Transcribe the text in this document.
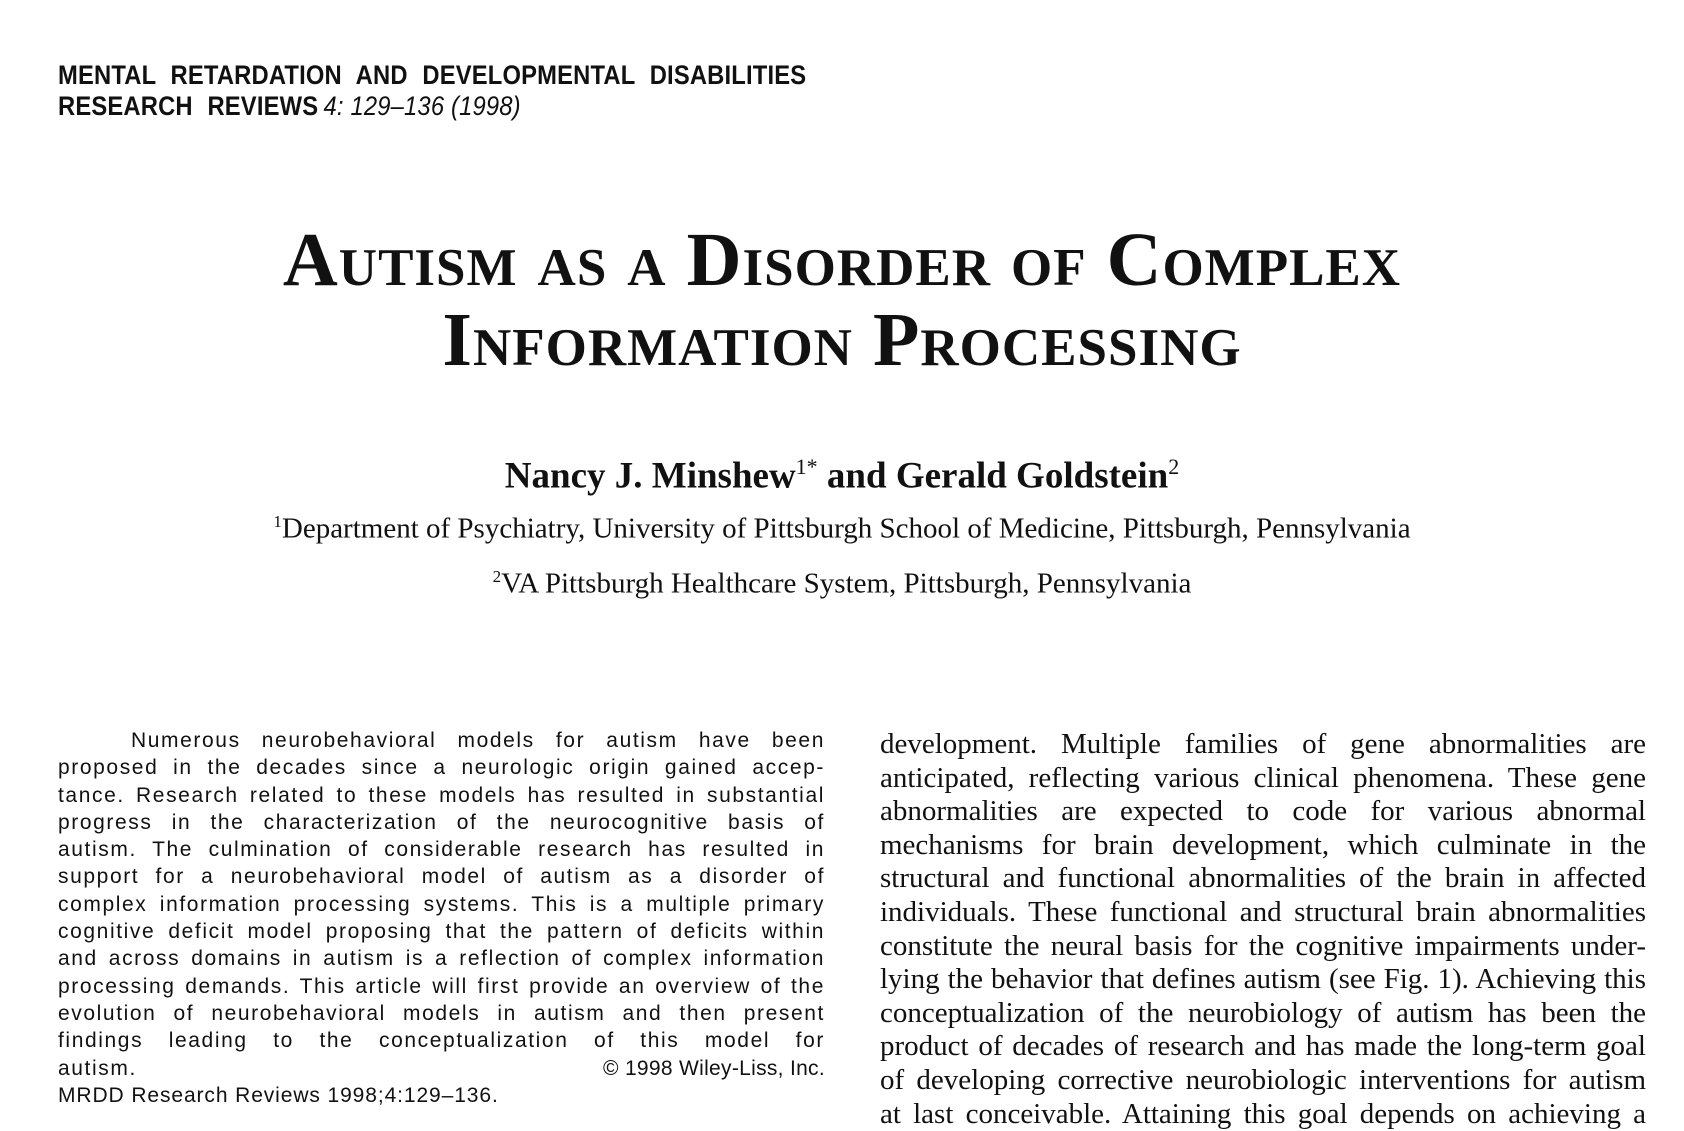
MENTAL RETARDATION AND DEVELOPMENTAL DISABILITIES
RESEARCH REVIEWS 4: 129–136 (1998)
Autism as a Disorder of Complex
Information Processing
Nancy J. Minshew$^{1*}$ and Gerald Goldstein$^2$
$^1$Department of Psychiatry, University of Pittsburgh School of Medicine, Pittsburgh, Pennsylvania
$^2$VA Pittsburgh Healthcare System, Pittsburgh, Pennsylvania
Numerous neurobehavioral models for autism have been
proposed in the decades since a neurologic origin gained accep-
tance. Research related to these models has resulted in substantial
progress in the characterization of the neurocognitive basis of
autism. The culmination of considerable research has resulted in
support for a neurobehavioral model of autism as a disorder of
complex information processing systems. This is a multiple primary
cognitive deficit model proposing that the pattern of deficits within
and across domains in autism is a reflection of complex information
processing demands. This article will first provide an overview of the
evolution of neurobehavioral models in autism and then present
findings leading to the conceptualization of this model for
autism.	© 1998 Wiley-Liss, Inc.
MRDD Research Reviews 1998;4:129–136.
development. Multiple families of gene abnormalities are
anticipated, reflecting various clinical phenomena. These gene
abnormalities are expected to code for various abnormal
mechanisms for brain development, which culminate in the
structural and functional abnormalities of the brain in affected
individuals. These functional and structural brain abnormalities
constitute the neural basis for the cognitive impairments under-
lying the behavior that defines autism (see Fig. 1). Achieving this
conceptualization of the neurobiology of autism has been the
product of decades of research and has made the long-term goal
of developing corrective neurobiologic interventions for autism
at last conceivable. Attaining this goal depends on achieving a
